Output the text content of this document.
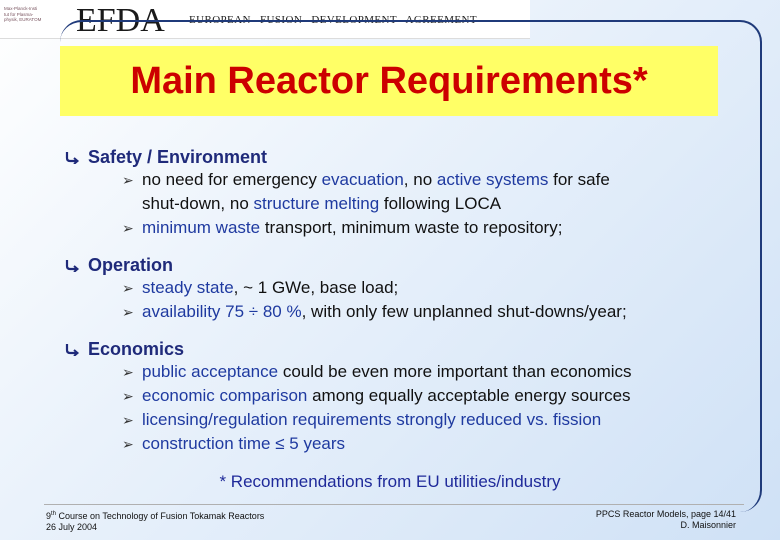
Max-Planck-Insti
tut für Plasma-
physik, EURATOM	EFDA EUROPEAN FUSION DEVELOPMENT AGREEMENT
Main Reactor Requirements*
Safety / Environment
➢ no need for emergency evacuation, no active systems for safe
shut-down, no structure melting following LOCA
➢ minimum waste transport, minimum waste to repository;
Operation
➢ steady state, ~ 1 GWe, base load;
➢ availability 75 ÷ 80 %, with only few unplanned shut-downs/year;
Economics
➢ public acceptance could be even more important than economics
➢ economic comparison among equally acceptable energy sources
➢ licensing/regulation requirements strongly reduced vs. fission
➢ construction time ≤ 5 years
* Recommendations from EU utilities/industry
9th Course on Technology of Fusion Tokamak Reactors
26 July 2004
PPCS Reactor Models, page 14/41
D. Maisonnier
